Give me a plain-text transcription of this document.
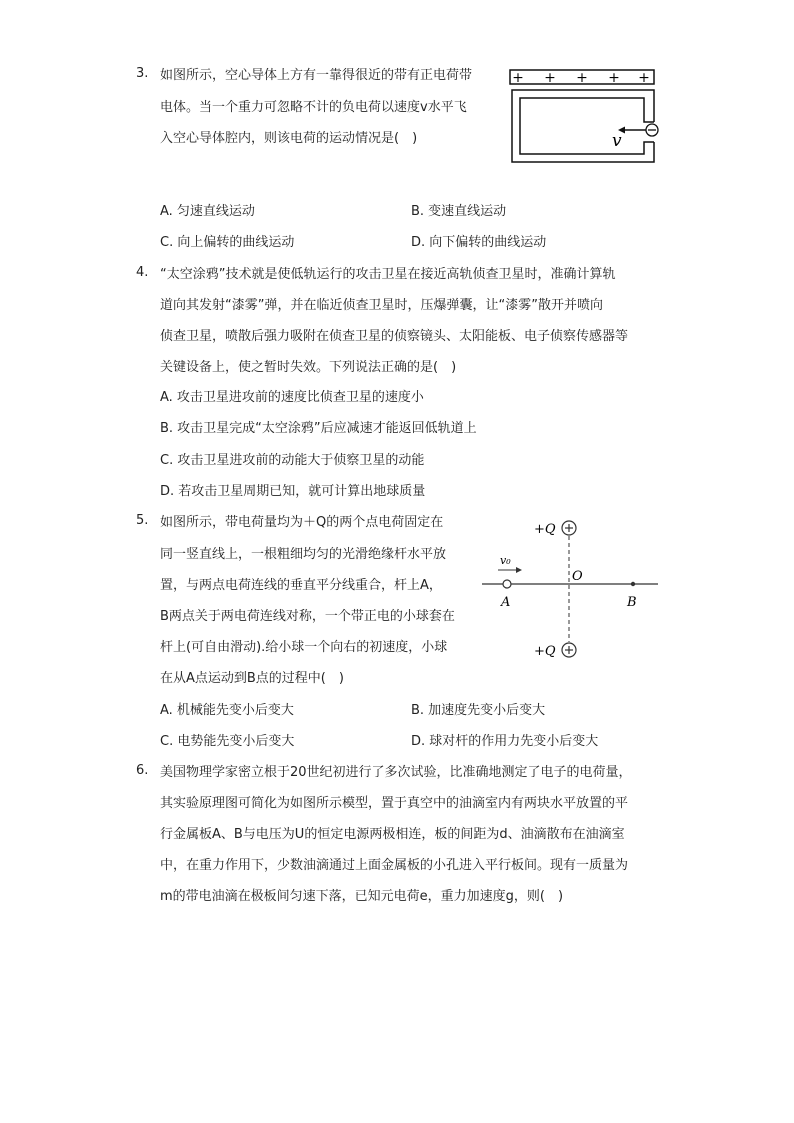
3. 如图所示，空心导体上方有一靠得很近的带有正电荷带
电体。当一个重力可忽略不计的负电荷以速度v水平飞
入空心导体腔内，则该电荷的运动情况是(　)
A. 匀速直线运动	B. 变速直线运动
C. 向上偏转的曲线运动	D. 向下偏转的曲线运动
+ + + + +
v
4. “太空涂鸦”技术就是使低轨运行的攻击卫星在接近高轨侦查卫星时，准确计算轨
道向其发射“漆雾”弹，并在临近侦查卫星时，压爆弹囊，让“漆雾”散开并喷向
侦查卫星，喷散后强力吸附在侦查卫星的侦察镜头、太阳能板、电子侦察传感器等
关键设备上，使之暂时失效。下列说法正确的是(　)
A. 攻击卫星进攻前的速度比侦查卫星的速度小
B. 攻击卫星完成“太空涂鸦”后应减速才能返回低轨道上
C. 攻击卫星进攻前的动能大于侦察卫星的动能
D. 若攻击卫星周期已知，就可计算出地球质量
5. 如图所示，带电荷量均为＋Q的两个点电荷固定在
同一竖直线上，一根粗细均匀的光滑绝缘杆水平放
置，与两点电荷连线的垂直平分线重合，杆上A，
B两点关于两电荷连线对称，一个带正电的小球套在
杆上(可自由滑动).给小球一个向右的初速度，小球
在从A点运动到B点的过程中(　)
A. 机械能先变小后变大	B. 加速度先变小后变大
C. 电势能先变小后变大	D. 球对杆的作用力先变小后变大
+Q
+Q
v₀
O
A	B
6. 美国物理学家密立根于20世纪初进行了多次试验，比准确地测定了电子的电荷量，
其实验原理图可简化为如图所示模型，置于真空中的油滴室内有两块水平放置的平
行金属板A、B与电压为U的恒定电源两极相连，板的间距为d、油滴散布在油滴室
中，在重力作用下，少数油滴通过上面金属板的小孔进入平行板间。现有一质量为
m的带电油滴在极板间匀速下落，已知元电荷e，重力加速度g，则(　)
